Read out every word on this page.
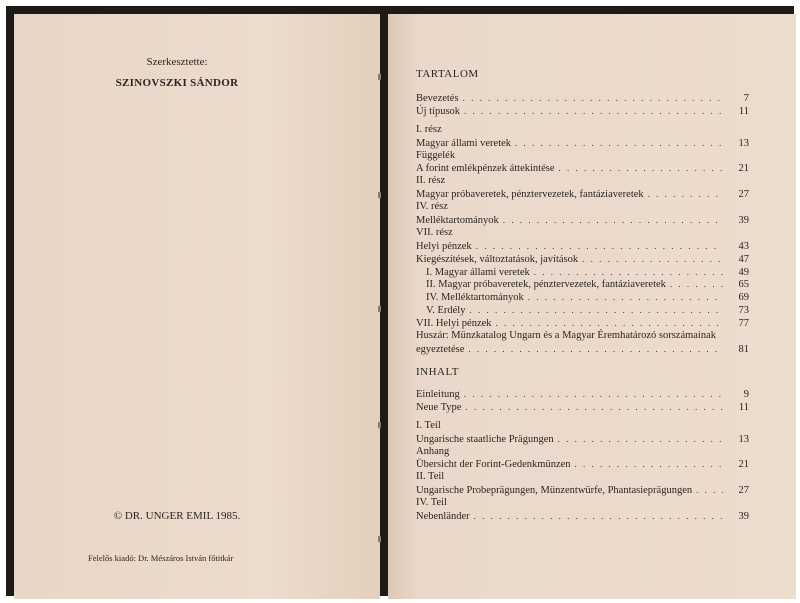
Szerkesztette:
SZINOVSZKI SÁNDOR
© DR. UNGER EMIL 1985.
Felelős kiadó: Dr. Mészáros István főtitkár
TARTALOM
Bevezetés . . .	7
Új típusok . . .	11
I. rész
Magyar állami veretek . . .	13
Függelék
A forint emlékpénzek áttekintése . . .	21
II. rész
Magyar próbaveretek, pénztervezetek, fantáziaveretek . . .	27
IV. rész
Melléktartományok . . .	39
VII. rész
Helyi pénzek . . .	43
Kiegészítések, változtatások, javítások . . .	47
I. Magyar állami veretek . . .	49
II. Magyar próbaveretek, pénztervezetek, fantáziaveretek . . .	65
IV. Melléktartományok . . .	69
V. Erdély . . .	73
VII. Helyi pénzek . . .	77
Huszár: Münzkatalog Ungarn és a Magyar Éremhatározó sorszámainak
egyeztetése . . .	81
INHALT
Einleitung . . .	9
Neue Type . . .	11
I. Teil
Ungarische staatliche Prägungen . . .	13
Anhang
Übersicht der Forint-Gedenkmünzen . . .	21
II. Teil
Ungarische Probeprägungen, Münzentwürfe, Phantasieprägungen . . .	27
IV. Teil
Nebenländer . . .	39
